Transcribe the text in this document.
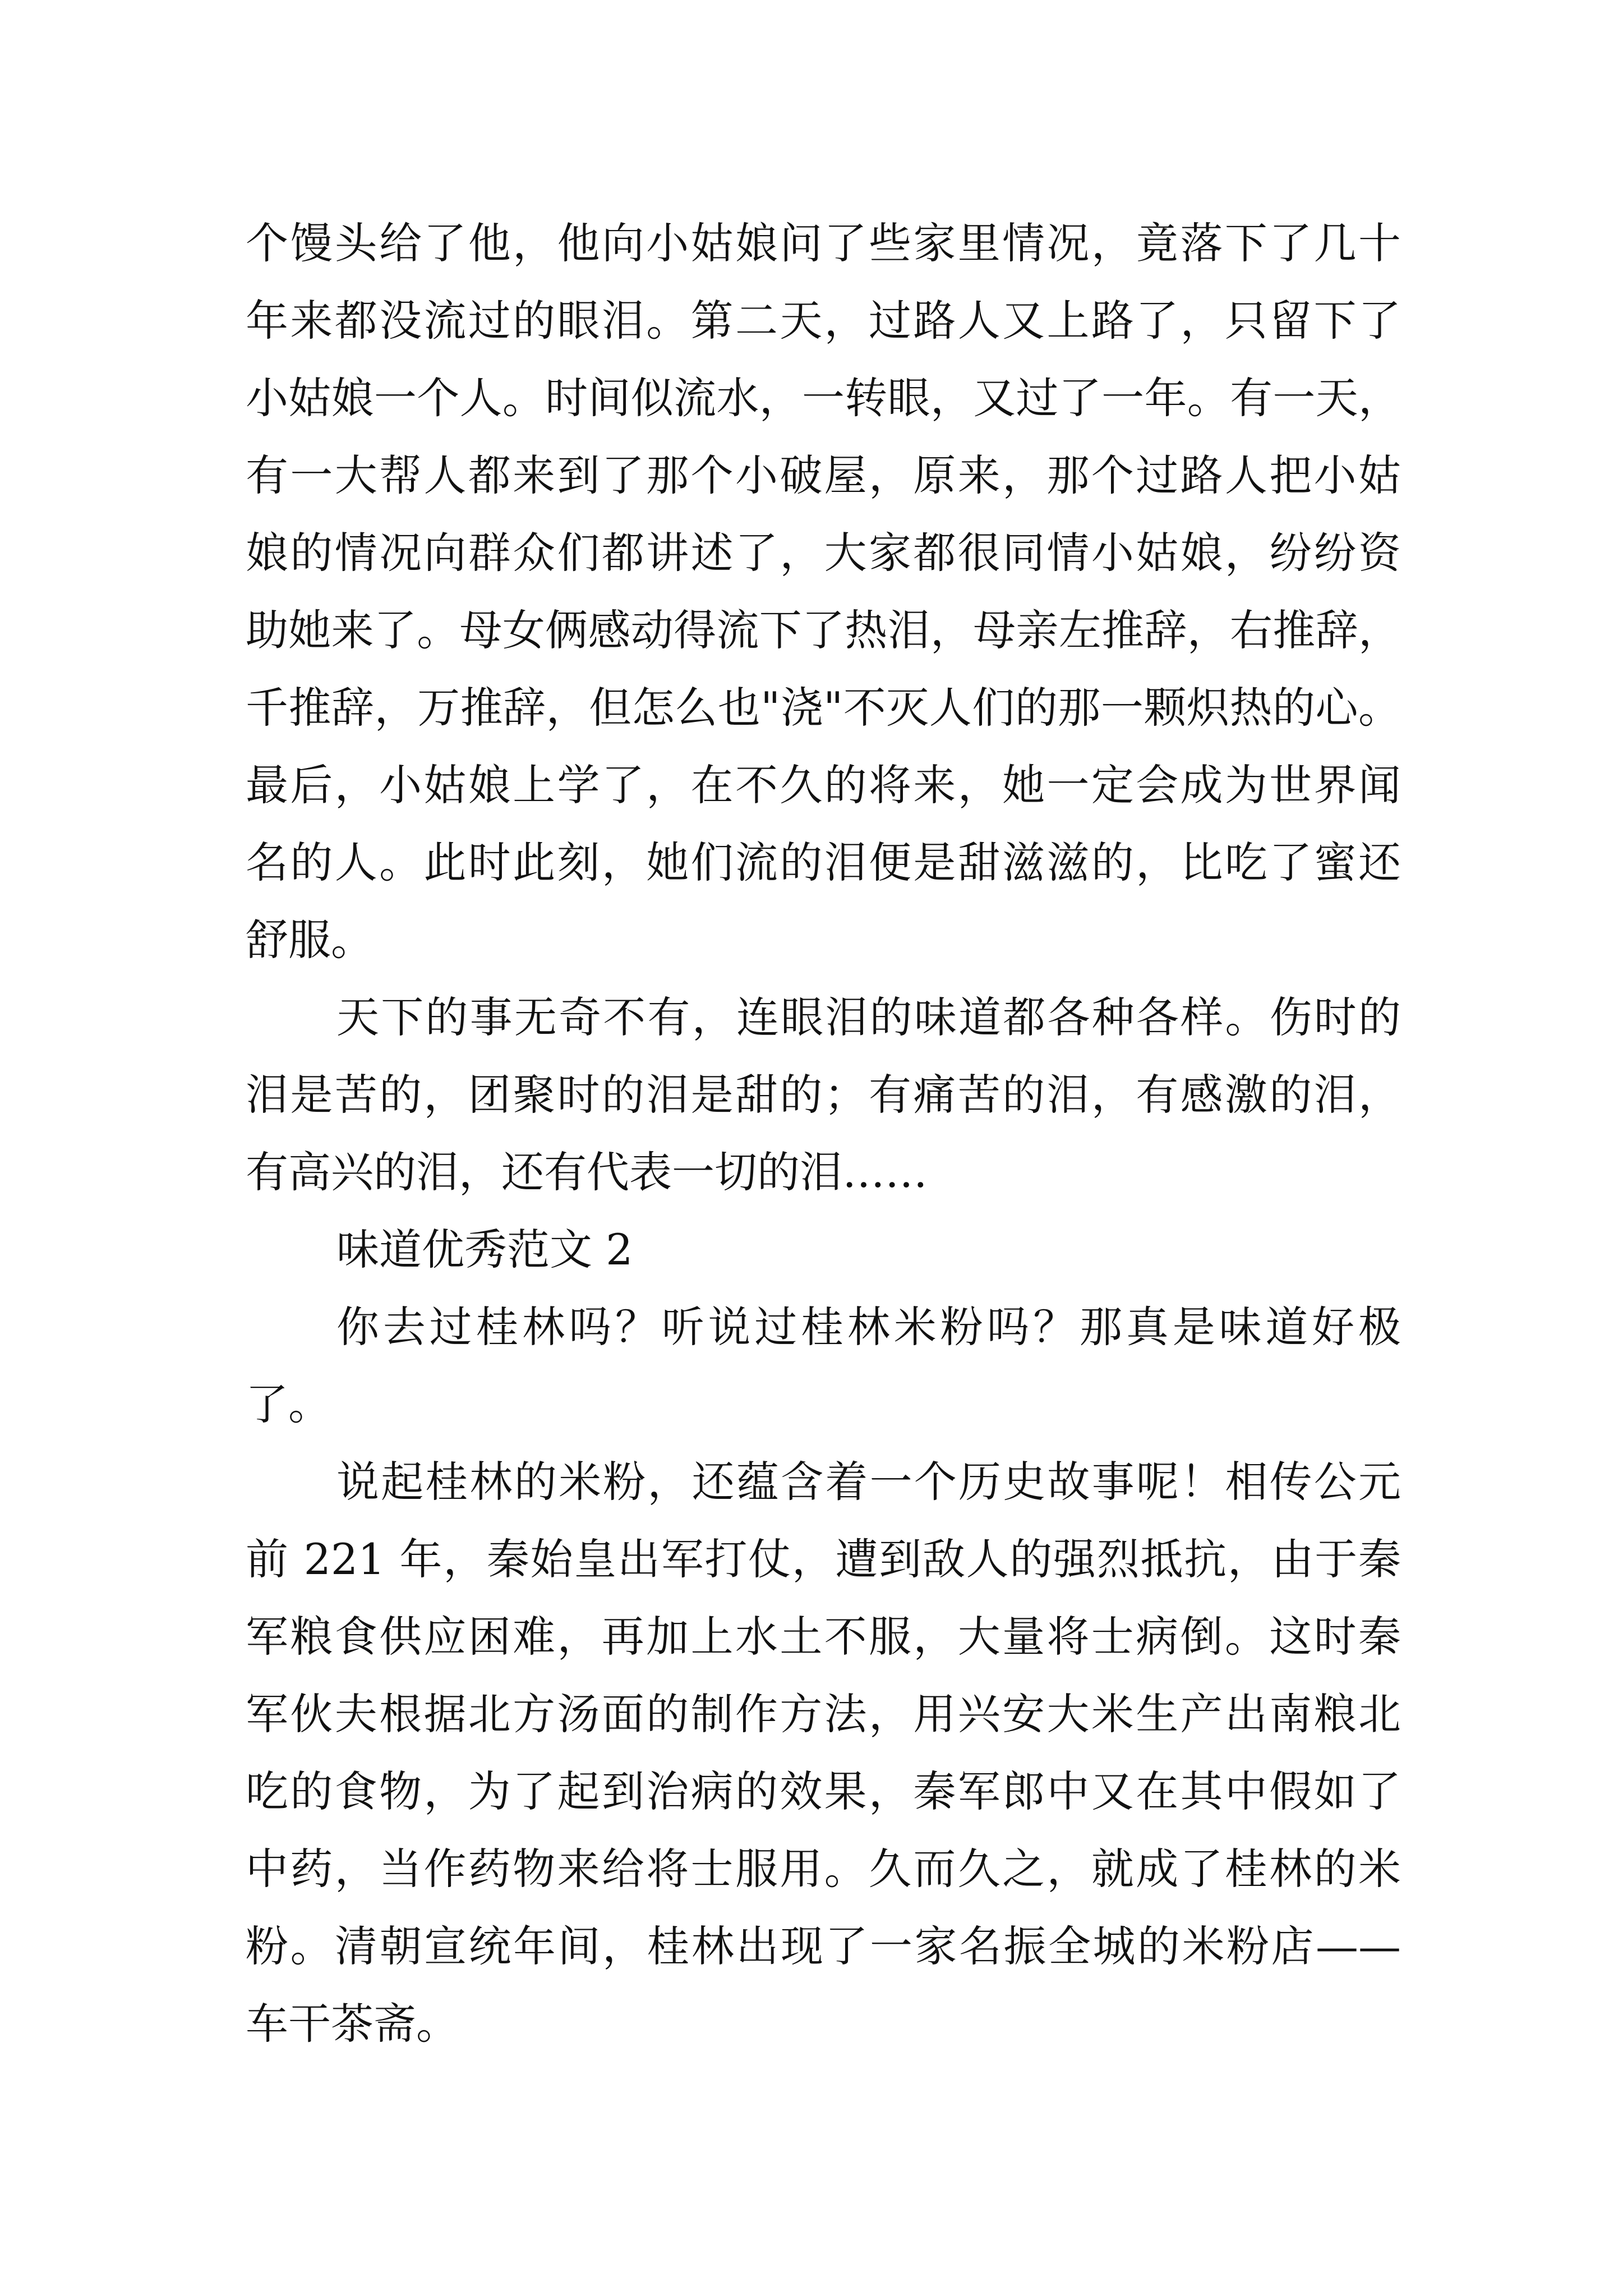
个馒头给了他，他向小姑娘问了些家里情况，竟落下了几十

年来都没流过的眼泪。第二天，过路人又上路了，只留下了

小姑娘一个人。时间似流水，一转眼，又过了一年。有一天，

有一大帮人都来到了那个小破屋，原来，那个过路人把小姑

娘的情况向群众们都讲述了，大家都很同情小姑娘，纷纷资

助她来了。母女俩感动得流下了热泪，母亲左推辞，右推辞，

千推辞，万推辞，但怎么也"浇"不灭人们的那一颗炽热的心。

最后，小姑娘上学了，在不久的将来，她一定会成为世界闻

名的人。此时此刻，她们流的泪便是甜滋滋的，比吃了蜜还

舒服。

天下的事无奇不有，连眼泪的味道都各种各样。伤时的

泪是苦的，团聚时的泪是甜的；有痛苦的泪，有感激的泪，

有高兴的泪，还有代表一切的泪……

味道优秀范文 2

你去过桂林吗？听说过桂林米粉吗？那真是味道好极

了。

说起桂林的米粉，还蕴含着一个历史故事呢！相传公元

前 221 年，秦始皇出军打仗，遭到敌人的强烈抵抗，由于秦

军粮食供应困难，再加上水土不服，大量将士病倒。这时秦

军伙夫根据北方汤面的制作方法，用兴安大米生产出南粮北

吃的食物，为了起到治病的效果，秦军郎中又在其中假如了

中药，当作药物来给将士服用。久而久之，就成了桂林的米

粉。清朝宣统年间，桂林出现了一家名振全城的米粉店——

车干茶斋。
